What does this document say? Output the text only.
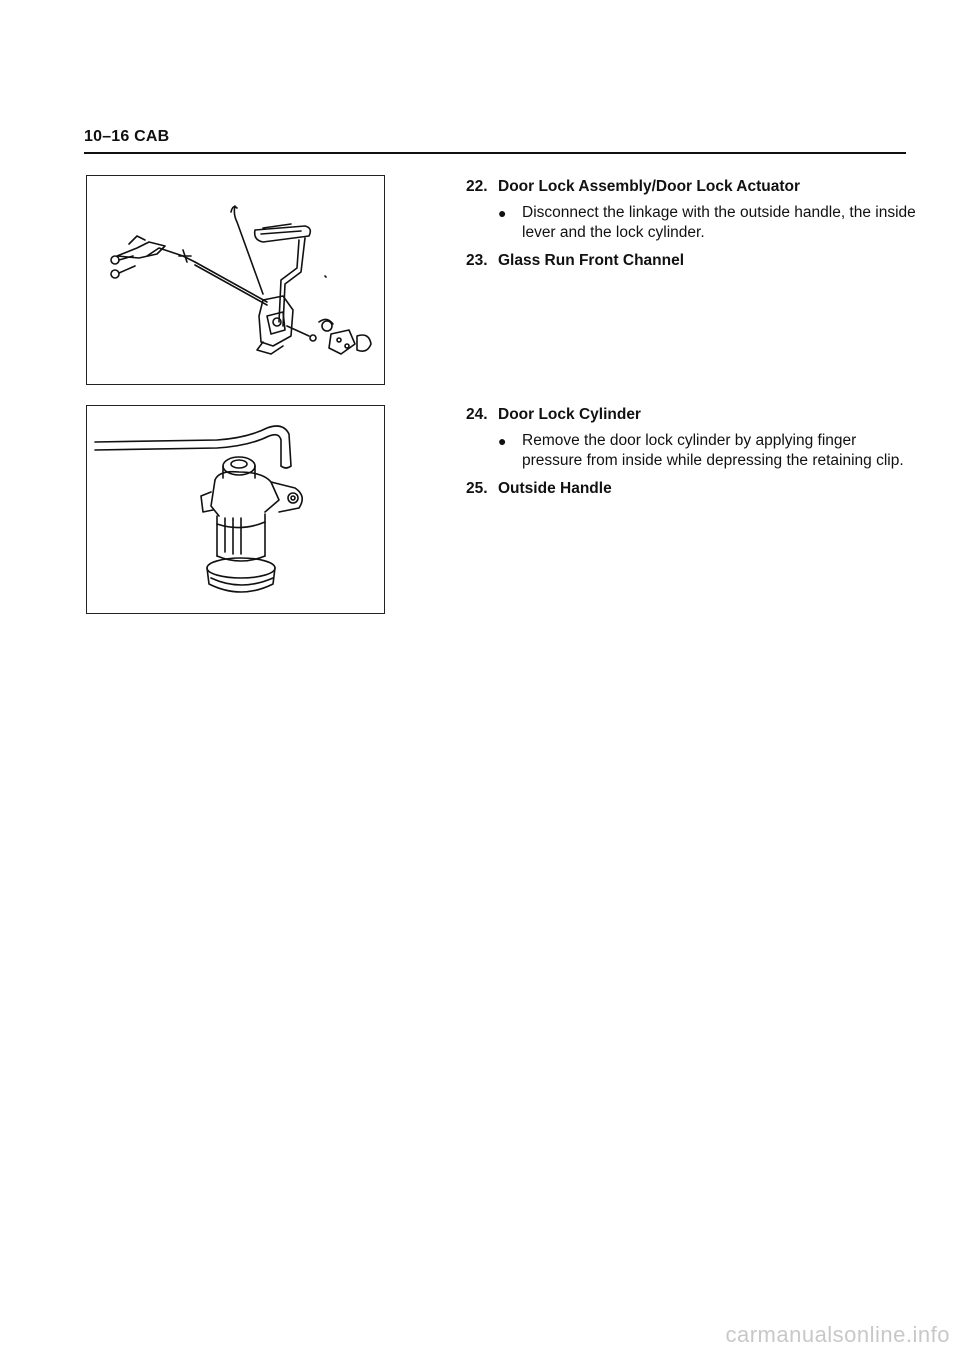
10–16 CAB
22. Door Lock Assembly/Door Lock Actuator
●	Disconnect the linkage with the outside handle, the inside lever and the lock cylinder.
23. Glass Run Front Channel
24. Door Lock Cylinder
●	Remove the door lock cylinder by applying finger pressure from inside while depressing the retaining clip.
25. Outside Handle
carmanualsonline.info
